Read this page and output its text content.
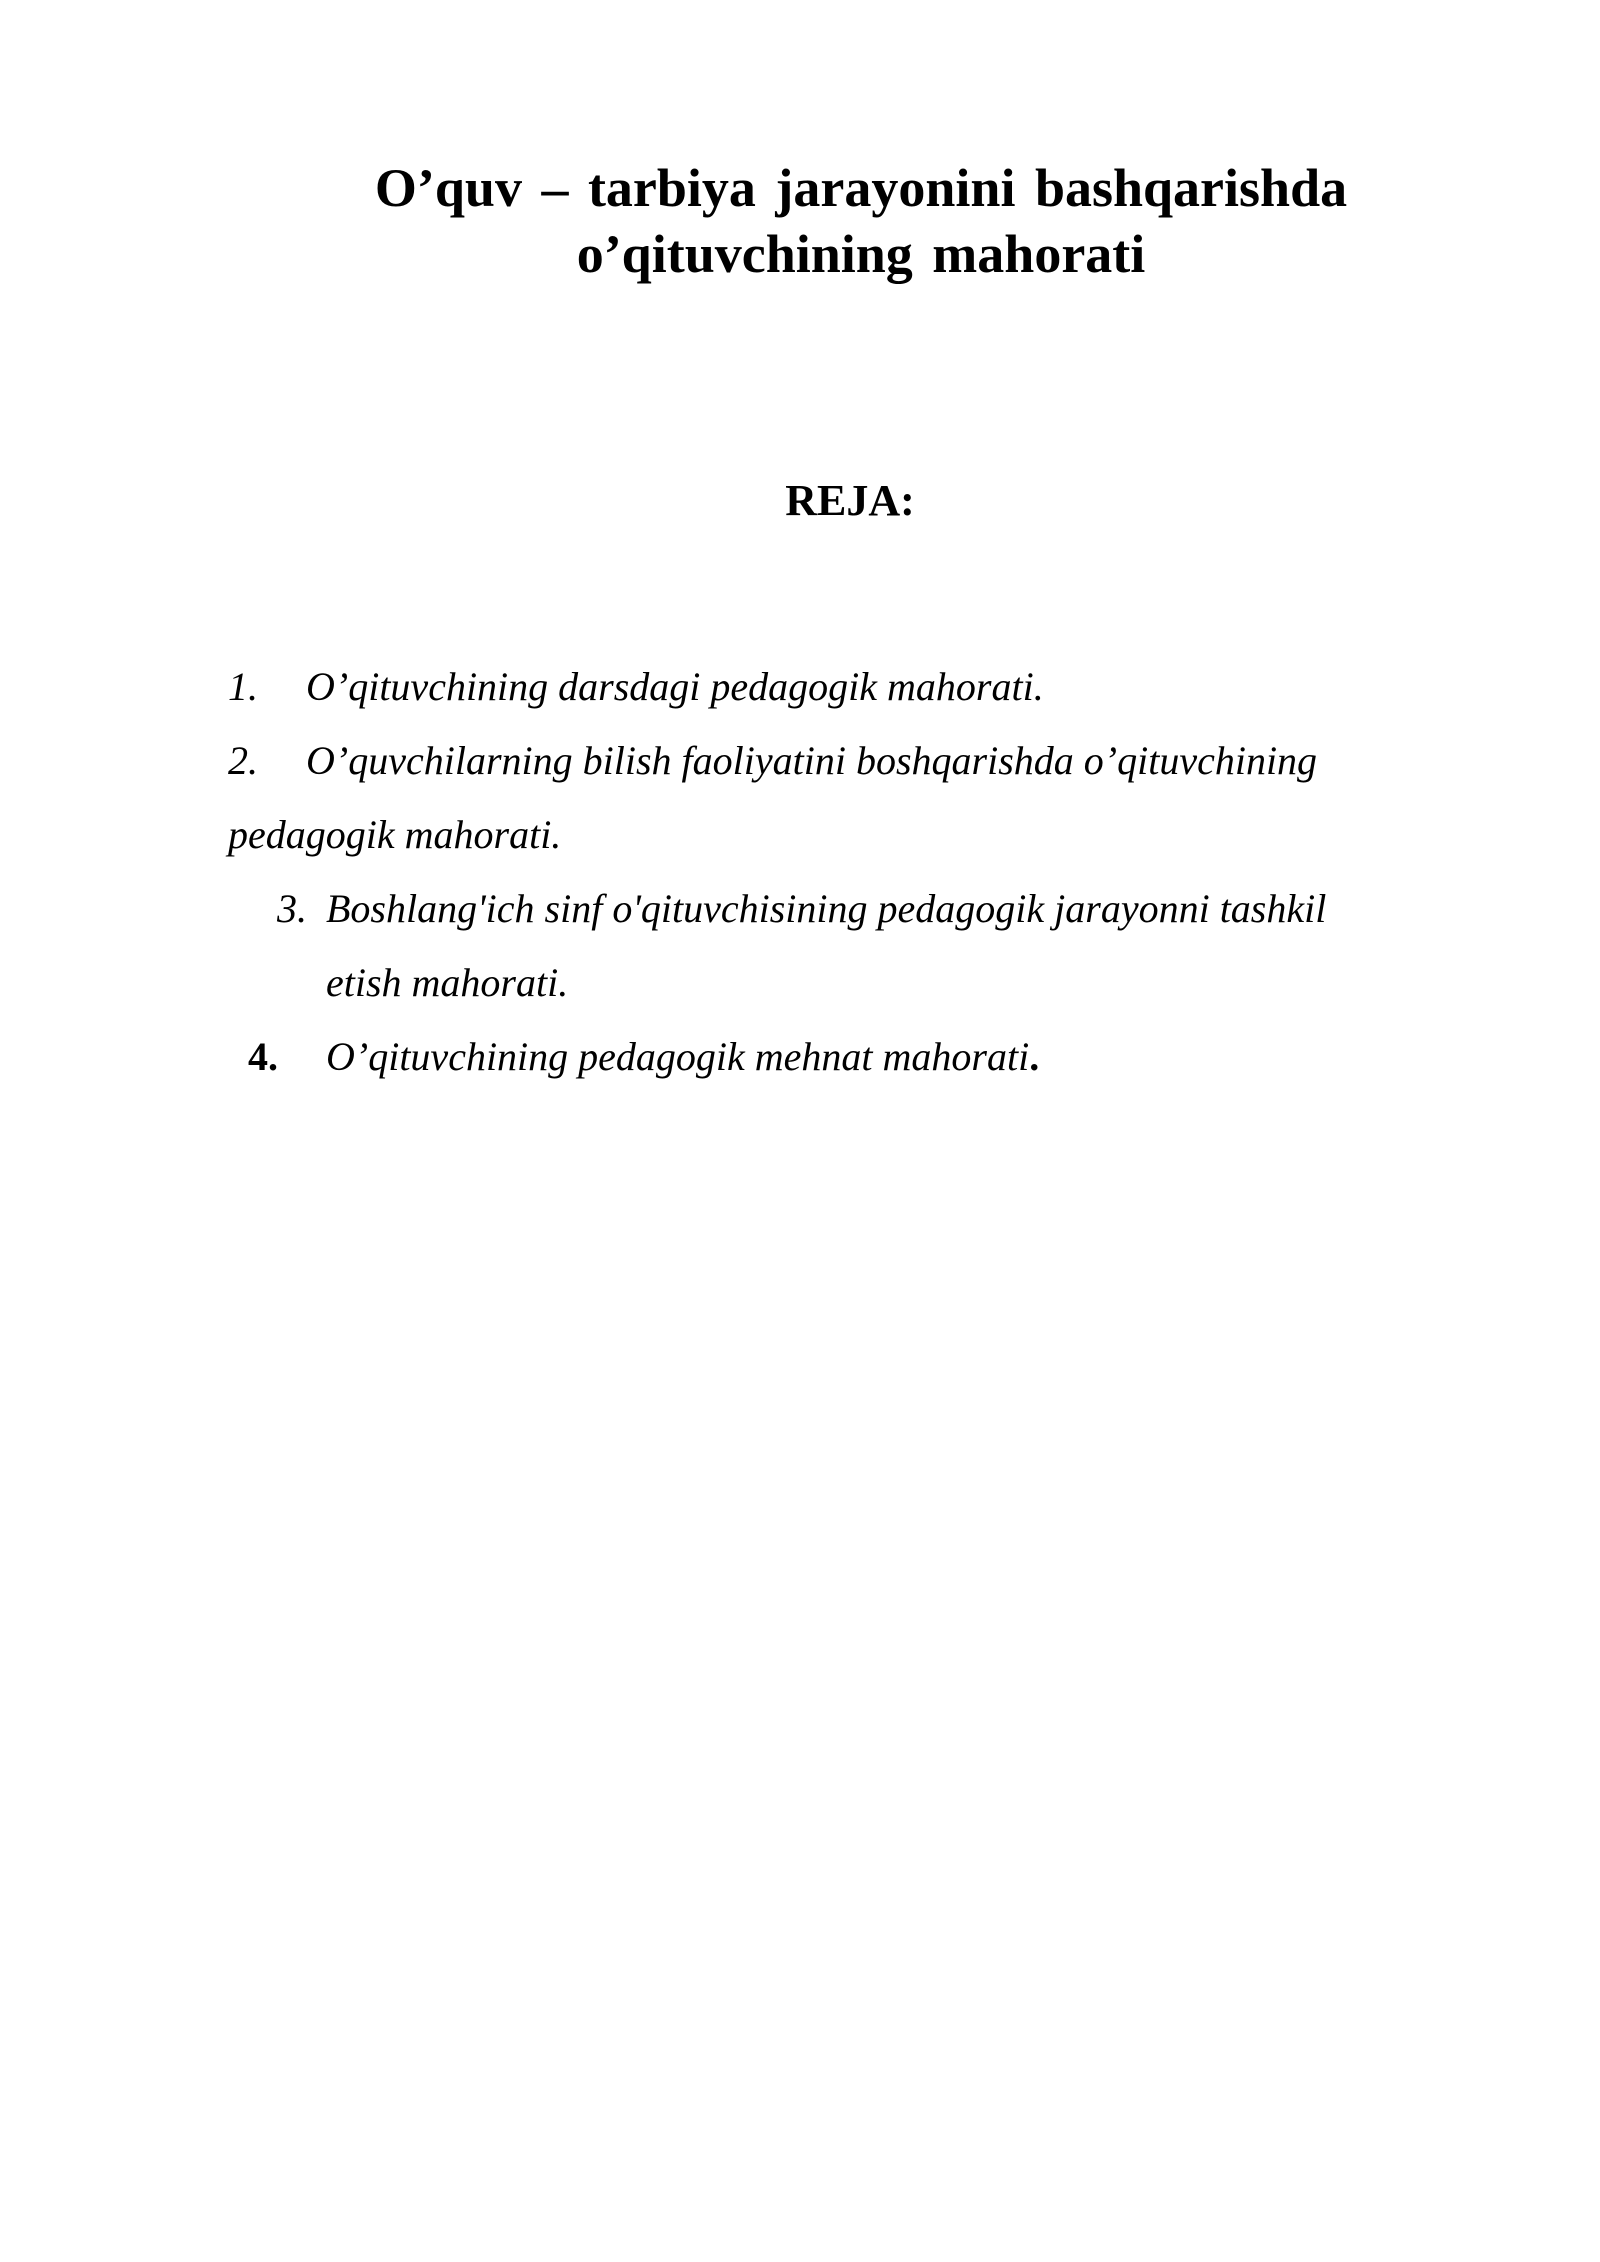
O’quv – tarbiya jarayonini bashqarishda
o’qituvchining mahorati
REJA:
1. O’qituvchining darsdagi pedagogik mahorati.
2. O’quvchilarning bilish faoliyatini boshqarishda o’qituvchining
pedagogik mahorati.
3. Boshlang'ich sinf o'qituvchisining pedagogik jarayonni tashkil
etish mahorati.
4. O’qituvchining pedagogik mehnat mahorati.
